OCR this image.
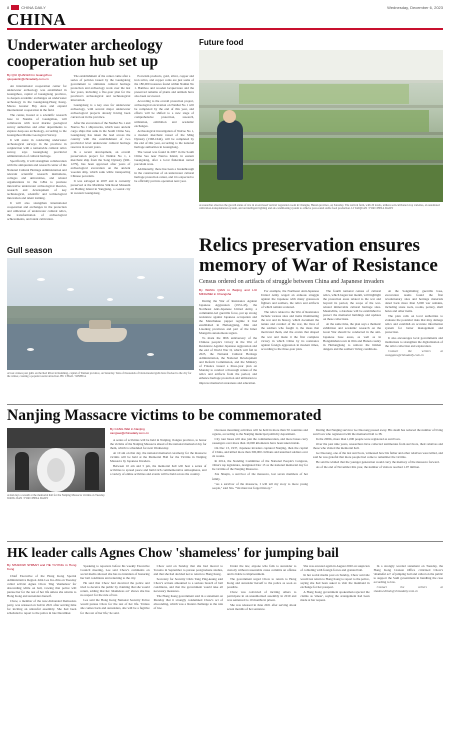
8	CHINA DAILY	Wednesday, December 6, 2023
CHINA
Underwater archeology cooperation hub set up
By QIU QUANLIN in Guangzhou
qiuquanlin@chinadaily.com.cn

An international cooperation center for underwater archeology was established in Guangzhou, capital of Guangdong province, to deepen academic exchanges on underwater archeology in the Guangdong-Hong Kong-Macao Greater Bay Area and expand international cooperation in the field.

The center, hosted at a scientific research base in Nansha of Guangzhou, will collaborate with local marine geological survey authorities and other departments to explore deep-sea archeology, according to the Guangzhou Marine Geological Survey.

It will assist in conducting underwater archeological surveys in the province in conjunction with a nationwide cultural relics survey, says Guangdong provincial administration of cultural heritage.

Specifically, it will strengthen collaboration with the antiquarian and research center of the National Cultural Heritage Administration and relevant scientific research institutions, colleges and universities, and related organizations in the GBA to promote innovative underwater archeological theories, research and development of key technological, scientific and technological innovation and talent training.

It will also strengthen international cooperation and exchanges in the protection and utilization of underwater cultural relics, the transformation of archeological achievements, and talent cultivation.

The establishment of the center came after a series of policies issued by the Guangdong government to stimulate cultural heritage protection and archeology work over the last few years, including a five-year plan for the province's archeological and technological innovation.

Guangdong is a key area for underwater archeology, with several major underwater archeological projects already having been carried out in the province.

After the excavation of the Nanhai No 1 and Nan'ao No 1 shipwrecks, which were ancient cargo ships that sank in the South China Sea, Guangdong has taken the lead across the country with the establishment of two provincial level underwater cultural heritage reserves in recent years.

In a recent development, an overall preservation project for Nanhai No 1, a merchant ship from the Song Dynasty (960-1279), has been approved after years of archeological excavation on the ancient wooden ship, which sank while transporting Chinese porcelain.

It was salvaged in 2007 and is currently preserved at the Maritime Silk Road Museum on Hailing Island in Yangjiang, a coastal city in western Guangdong.

Porcelain products, gold, silver, copper and iron relics, and copper coins are just some of the 180,000 treasures found within Nanhai No 1. Bamboo and wooden lacquerware and the preserved remains of plants and animals have also been recovered.

According to the overall protection project, archeological excavation on Nanhai No 1 will be completed by the end of this year, and efforts will be shifted to a new stage of comprehensive protection, research, utilization, exhibition and academic exchanges.

Archeological investigation of Nan'ao No 1, a modern merchant vessel of the Ming Dynasty (1368-1644), will be completed by the end of this year, according to the national heritage authorities in Guangdong.

The vessel was found in 2007 in the South China Sea near Nan'ao Island, in eastern Guangdong, after a local fisherman netted porcelain ware.

Additionally, there has been a breakthrough in the construction of an underwater cultural heritage protection center, and it is expected to be officially put into operation next year.

Future food
A researcher observes the growth status of rice in an enclosed vertical vegetation room in Changde, Hunan province, on Saturday. The vertical farm, with 20 levels, utilizes soil-cultivated crop varieties, an automated cultivation-transplantation system, and an intelligent lighting and air-conditioning system to achieve year-round stable food production. LI TAIQUAN / FOR CHINA DAILY
Gull season
A boat cruises past gulls on the Red River in Kunming, capital of Yunnan province, on Saturday. Tens of thousands of black-headed gulls have flocked to the city for the winter, creating a popular tourist attraction. HU CHAO / XINHUA
Relics preservation ensures memory of War of Resistance
Census ordered on artifacts of struggle between China and Japanese invaders
By WANG QIAN in Beijing and LIU MINGWEI in Changsha

During the War of Resistance Against Japanese Aggression (1931-45), the Northeast Anti-Japanese United Army, a communist-led guerrilla force, put up strong resistance against Japanese occupation and the Manchukuo puppet regime it had established in Heilongjiang, Jilin and Liaoning provinces and part of the Inner Mongolia autonomous region.

To mark the 90th anniversary of the Chinese people's victory in the War of Resistance Against Japanese Aggression and the end of World War II, which will fall in 2025, the National Cultural Heritage Administration, the National Development and Reform Commission, and the Ministry of Finance issued a three-year plan on Monday to conduct a thorough census of the relics and artifacts from the period, and enhance heritage protection and utilization to improve memorial awareness and education.

For example, the Northeast Anti-Japanese United Army waged an arduous struggle against the Japanese with many grassroots fighters and soldiers, the relics and artifacts of which remain scattered.

The relics related to the War of Resistance include various sites and items illuminating the war and its history, which document the nature and conduct of the war, the lives of the soldiers who fought it, the ideas that motivated them, and the events that shaped the war and made it the first complete victory in which China by its resistance against foreign aggression in modern times, according to the three-year plan.

The fourth national census of cultural relics, which began last month, will highlight the protection areas related to the war and beyond its period, the scope of the war-related immovable cultural heritage sites. Meanwhile, a database will be established to protect the memorial buildings and updates on these collections.

At the same time, the plan says a thematic exhibition and academic research on the Great War should be conducted in the anti-Japanese base areas, as well as in Hongshishan town in Jilin and Hunan county in Heilongjiang to remove the hidden dangers and the soldiers' living conditions.

At the Songzhuling guerrilla base, excavation teams found the first revolutionary sites and heritage materials dated back more than 3,000 war remains, including stone tools, rooms, pottery, shell holes and other items.

The plan calls on local authorities to evaluate the potential risks that may damage relics and establish an accurate information system for better management and protection.

It also encourages local governments and institutions to strengthen the digitalization of the relics collection and exploration.

Contact the writers at wangqian@chinadaily.com.cn

Nanjing Massacre victims to be commemorated
A man lays a wreath at the memorial hall for the Nanjing Massacre victims on Tuesday. WANG JIAN / FOR CHINA DAILY
By CANG WEI in Nanjing
cangwei@chinadaily.com.cn

A series of activities will be held in Nanjing, Jiangsu province, to honor the victims of the Nanjing Massacre ahead of the national memorial day for them, which is scheduled for next Wednesday.

At 10 am on that day, the national memorial ceremony for the massacre victims will be held at the Memorial Hall for the Victims in Nanjing Massacre by Japanese Invaders.

Between 10 am and 5 pm, the memorial hall will host a series of activities to spread peace and build rich commemorative atmospheres, and a variety of online activities and events will be held across the country.

Overseas mourning activities will be held in more than 50 countries and regions, according to the Nanjing municipal publicity department.

City tour buses will also join the commemoration, and more buses carry passengers over more than 10,000 kilometers have been taken inside.

On Dec 13, 1937, Japanese invaders captured Nanjing, then the capital of China, and killed more than 300,000 civilians and unarmed soldiers over six weeks.

In 2014, the Standing Committee of the National People's Congress, China's top legislature, designated Dec 13 as the national memorial day for the victims of the Nanjing Massacre.

Xia Shuqin, a survivor of the massacre, lost seven members of her family.

"As a survivor of the massacre, I will tell my story to more young people," said Xia. "We must not forget history."

During that Nanjing survivor Ge Daorong passed away. His death has reduced the number of living survivors who registered with the memorial hall to 38.

In the 2000s, more than 1,000 people were registered as survivors.

Over the past nine years, researchers have collected testimonies from survivors, their relatives and those who visited the memorial hall.

Ge Daorong, one of the last survivors, witnessed how his father and other relatives were killed, and said he was grateful that more people had come to remember the victims.

He said he wished that the younger generation would carry the memory of the massacre forward.

As of the end of November this year, the number of visitors reached 1.97 million.

HK leader calls Agnes Chow 'shameless' for jumping bail
By SHADOW SHIBAH and HE YUYING in Hong Kong

Chief Executive of the Hong Kong Special Administrative Region John Lee Ka-chiu on Tuesday called activist Agnes Chow Ting 'shameless' for absconding while on bail, vowing that police will pursue her for the rest of her life unless she returns to Hong Kong and surrenders herself.

Chow, a member of the now-disbanded Demosisto party, was released on bail in 2021 after serving time for inciting an unlawful assembly. She had been scheduled to report to the police in late December.

Speaking to reporters before his weekly Executive Council meeting, Lee said Chow's comments on social media showed she has no intention of honoring her bail conditions and returning to the city.

He said that Chow had deceived the police and tried to deceive the public by claiming that she would return, adding that her 'shameless act' shows she has no respect for the rule of law.

Lee said the Hong Kong National Security Police would pursue Chow for the rest of her life. 'Unless she comes back and surrenders, she will be a fugitive for the rest of her life,' he said.

Chow said on Sunday that she had moved to Toronto in September to pursue postgraduate studies, and that she had decided not to return to Hong Kong.

Secretary for Security Chris Tang Ping-keung said Chow's actions amounted to a serious breach of bail conditions, and that the government would take all necessary measures.

The Hong Kong government said in a statement on Monday that it strongly condemned Chow's act of absconding, which was a blatant challenge to the rule of law.

Under the law, anyone who fails to surrender to custody without reasonable cause commits an offense and is liable to imprisonment.

The government urged Chow to return to Hong Kong and surrender herself to the police as soon as possible.

Chow was convicted of inciting others to participate in an unauthorized assembly in 2019 and was sentenced to 10 months in prison.

She was released in June 2021 after serving about seven months of her sentence.

She was arrested again in August 2020 on suspicion of colluding with foreign forces and granted bail.

In her social media post on Sunday, Chow said she would not return to Hong Kong to report to the police, saying she had been asked to visit the mainland in exchange for her passport.

A Hong Kong government spokesman rejected the claims as 'smear', saying the arrangement had been made at her request.

In a strongly worded statement on Tuesday, the Hong Kong Liaison Office criticized Chow's 'shameful act' of jumping bail and called on the public to support the SAR government in handling the case according to law.

Contact the writers at shadowshibah@chinadaily.com.cn
